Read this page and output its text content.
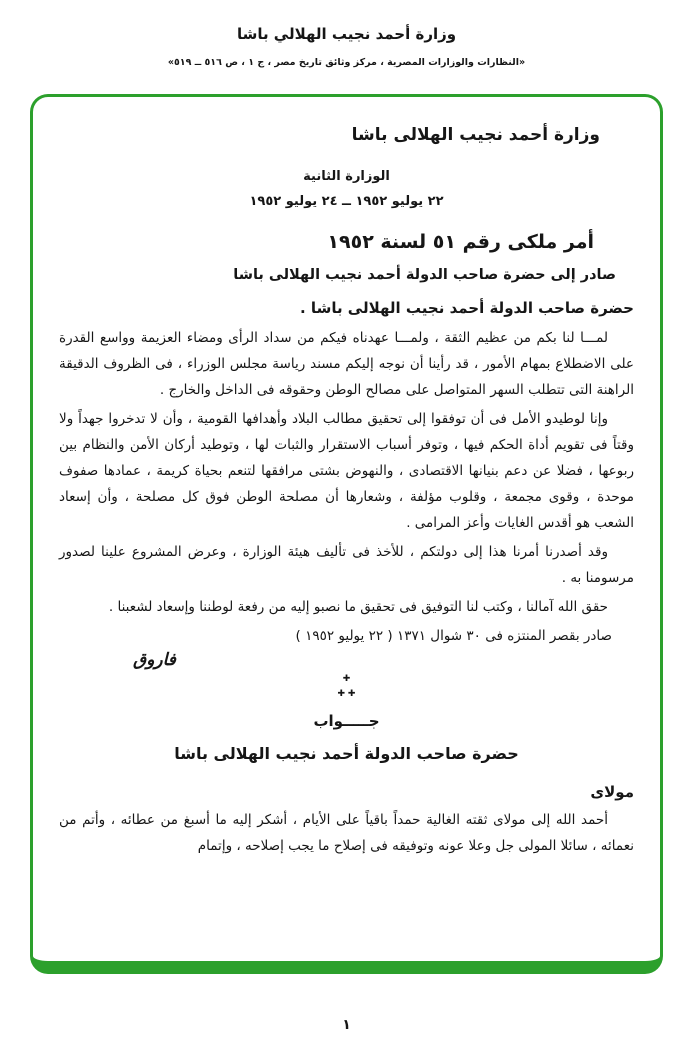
وزارة أحمد نجيب الهلالي باشا
«النظارات والوزارات المصرية ، مركز وثائق تاريخ مصر ، ج ١ ، ص ٥١٦ ــ ٥١٩»
وزارة أحمد نجيب الهلالى باشا
الوزارة الثانية
٢٢ يوليو ١٩٥٢ ــ ٢٤ يوليو ١٩٥٢
أمر ملكى رقم ٥١ لسنة ١٩٥٢
صادر إلى حضرة صاحب الدولة أحمد نجيب الهلالى باشا
حضرة صاحب الدولة أحمد نجيب الهلالى باشا .

لمـــا لنا بكم من عظيم الثقة ، ولمـــا عهدناه فيكم من سداد الرأى ومضاء العزيمة وواسع القدرة على الاضطلاع بمهام الأمور ، قد رأينا أن نوجه إليكم مسند رياسة مجلس الوزراء ، فى الظروف الدقيقة الراهنة التى تتطلب السهر المتواصل على مصالح الوطن وحقوقه فى الداخل والخارج .

وإنا لوطيدو الأمل فى أن توفقوا إلى تحقيق مطالب البلاد وأهدافها القومية ، وأن لا تدخروا جهداً ولا وقتاً فى تقويم أداة الحكم فيها ، وتوفر أسباب الاستقرار والثبات لها ، وتوطيد أركان الأمن والنظام بين ربوعها ، فضلا عن دعم بنيانها الاقتصادى ، والنهوض بشتى مرافقها لتنعم بحياة كريمة ، عمادها صفوف موحدة ، وقوى مجمعة ، وقلوب مؤلفة ، وشعارها أن مصلحة الوطن فوق كل مصلحة ، وأن إسعاد الشعب هو أقدس الغايات وأعز المرامى .

وقد أصدرنا أمرنا هذا إلى دولتكم ، للأخذ فى تأليف هيئة الوزارة ، وعرض المشروع علينا لصدور مرسومنا به .

حقق الله آمالنا ، وكتب لنا التوفيق فى تحقيق ما نصبو إليه من رفعة لوطننا وإسعاد لشعبنا .

صادر بقصر المنتزه فى ٣٠ شوال ١٣٧١ ( ٢٢ يوليو ١٩٥٢ )
فاروق
✚
✚ ✚
جـــــواب
حضرة صاحب الدولة أحمد نجيب الهلالى باشا
مولاى

أحمد الله إلى مولاى ثقته الغالية حمداً باقياً على الأيام ، أشكر إليه ما أسبغ من عطائه ، وأتم من نعمائه ، سائلا المولى جل وعلا عونه وتوفيقه فى إصلاح ما يجب إصلاحه ، وإتمام

١
